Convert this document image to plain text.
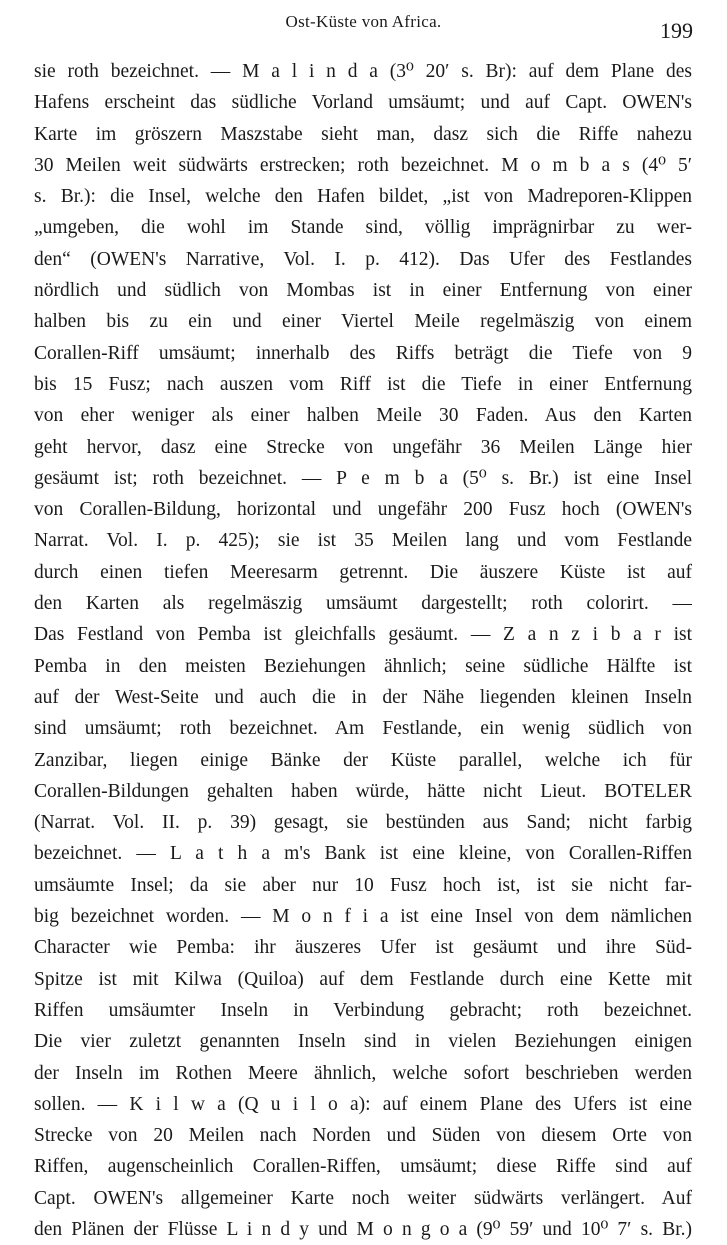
Ost-Küste von Africa.	199
sie roth bezeichnet. — M a l i n d a (3⁰ 20′ s. Br): auf dem Plane des
Hafens erscheint das südliche Vorland umsäumt; und auf Capt. OWEN's
Karte im gröszern Maszstabe sieht man, dasz sich die Riffe nahezu
30 Meilen weit südwärts erstrecken; roth bezeichnet. M o m b a s (4⁰ 5′
s. Br.): die Insel, welche den Hafen bildet, „ist von Madreporen-Klippen
„umgeben, die wohl im Stande sind, völlig imprägnirbar zu wer-
den“ (OWEN's Narrative, Vol. I. p. 412). Das Ufer des Festlandes
nördlich und südlich von Mombas ist in einer Entfernung von einer
halben bis zu ein und einer Viertel Meile regelmäszig von einem
Corallen-Riff umsäumt; innerhalb des Riffs beträgt die Tiefe von 9
bis 15 Fusz; nach auszen vom Riff ist die Tiefe in einer Entfernung
von eher weniger als einer halben Meile 30 Faden. Aus den Karten
geht hervor, dasz eine Strecke von ungefähr 36 Meilen Länge hier
gesäumt ist; roth bezeichnet. — P e m b a (5⁰ s. Br.) ist eine Insel
von Corallen-Bildung, horizontal und ungefähr 200 Fusz hoch (OWEN's
Narrat. Vol. I. p. 425); sie ist 35 Meilen lang und vom Festlande
durch einen tiefen Meeresarm getrennt. Die äuszere Küste ist auf
den Karten als regelmäszig umsäumt dargestellt; roth colorirt. —
Das Festland von Pemba ist gleichfalls gesäumt. — Z a n z i b a r ist
Pemba in den meisten Beziehungen ähnlich; seine südliche Hälfte ist
auf der West-Seite und auch die in der Nähe liegenden kleinen Inseln
sind umsäumt; roth bezeichnet. Am Festlande, ein wenig südlich von
Zanzibar, liegen einige Bänke der Küste parallel, welche ich für
Corallen-Bildungen gehalten haben würde, hätte nicht Lieut. BOTELER
(Narrat. Vol. II. p. 39) gesagt, sie bestünden aus Sand; nicht farbig
bezeichnet. — L a t h a m's Bank ist eine kleine, von Corallen-Riffen
umsäumte Insel; da sie aber nur 10 Fusz hoch ist, ist sie nicht far-
big bezeichnet worden. — M o n f i a ist eine Insel von dem nämlichen
Character wie Pemba: ihr äuszeres Ufer ist gesäumt und ihre Süd-
Spitze ist mit Kilwa (Quiloa) auf dem Festlande durch eine Kette mit
Riffen umsäumter Inseln in Verbindung gebracht; roth bezeichnet.
Die vier zuletzt genannten Inseln sind in vielen Beziehungen einigen
der Inseln im Rothen Meere ähnlich, welche sofort beschrieben werden
sollen. — K i l w a (Q u i l o a): auf einem Plane des Ufers ist eine
Strecke von 20 Meilen nach Norden und Süden von diesem Orte von
Riffen, augenscheinlich Corallen-Riffen, umsäumt; diese Riffe sind auf
Capt. OWEN's allgemeiner Karte noch weiter südwärts verlängert. Auf
den Plänen der Flüsse L i n d y und M o n g o a (9⁰ 59′ und 10⁰ 7′ s. Br.)
